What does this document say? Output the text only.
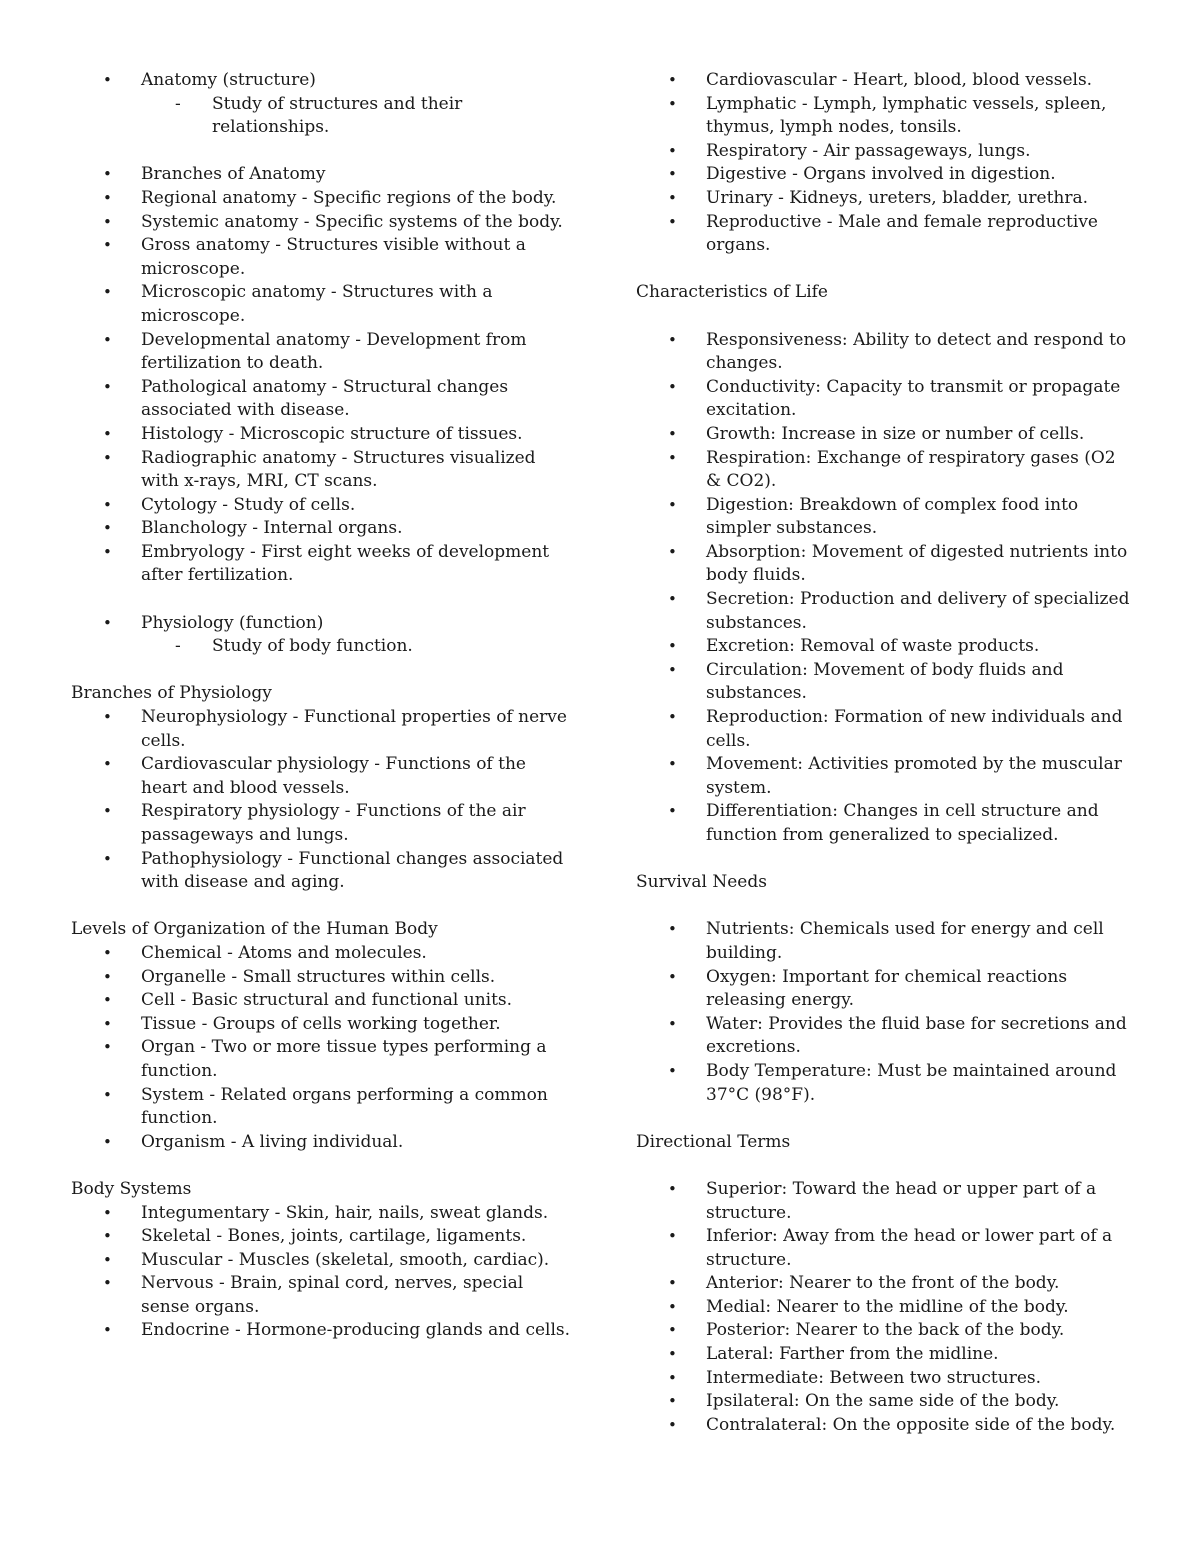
• Anatomy (structure)
- Study of structures and their relationships.
• Branches of Anatomy
• Regional anatomy - Specific regions of the body.
• Systemic anatomy - Specific systems of the body.
• Gross anatomy - Structures visible without a microscope.
• Microscopic anatomy - Structures with a microscope.
• Developmental anatomy - Development from fertilization to death.
• Pathological anatomy - Structural changes associated with disease.
• Histology - Microscopic structure of tissues.
• Radiographic anatomy - Structures visualized with x-rays, MRI, CT scans.
• Cytology - Study of cells.
• Blanchology - Internal organs.
• Embryology - First eight weeks of development after fertilization.
• Physiology (function)
- Study of body function.

Branches of Physiology

• Neurophysiology - Functional properties of nerve cells.
• Cardiovascular physiology - Functions of the heart and blood vessels.
• Respiratory physiology - Functions of the air passageways and lungs.
• Pathophysiology - Functional changes associated with disease and aging.

Levels of Organization of the Human Body

• Chemical - Atoms and molecules.
• Organelle - Small structures within cells.
• Cell - Basic structural and functional units.
• Tissue - Groups of cells working together.
• Organ - Two or more tissue types performing a function.
• System - Related organs performing a common function.
• Organism - A living individual.

Body Systems

• Integumentary - Skin, hair, nails, sweat glands.
• Skeletal - Bones, joints, cartilage, ligaments.
• Muscular - Muscles (skeletal, smooth, cardiac).
• Nervous - Brain, spinal cord, nerves, special sense organs.
• Endocrine - Hormone-producing glands and cells.
• Cardiovascular - Heart, blood, blood vessels.
• Lymphatic - Lymph, lymphatic vessels, spleen, thymus, lymph nodes, tonsils.
• Respiratory - Air passageways, lungs.
• Digestive - Organs involved in digestion.
• Urinary - Kidneys, ureters, bladder, urethra.
• Reproductive - Male and female reproductive organs.

Characteristics of Life

• Responsiveness: Ability to detect and respond to changes.
• Conductivity: Capacity to transmit or propagate excitation.
• Growth: Increase in size or number of cells.
• Respiration: Exchange of respiratory gases (O2 & CO2).
• Digestion: Breakdown of complex food into simpler substances.
• Absorption: Movement of digested nutrients into body fluids.
• Secretion: Production and delivery of specialized substances.
• Excretion: Removal of waste products.
• Circulation: Movement of body fluids and substances.
• Reproduction: Formation of new individuals and cells.
• Movement: Activities promoted by the muscular system.
• Differentiation: Changes in cell structure and function from generalized to specialized.

Survival Needs

• Nutrients: Chemicals used for energy and cell building.
• Oxygen: Important for chemical reactions releasing energy.
• Water: Provides the fluid base for secretions and excretions.
• Body Temperature: Must be maintained around 37°C (98°F).

Directional Terms

• Superior: Toward the head or upper part of a structure.
• Inferior: Away from the head or lower part of a structure.
• Anterior: Nearer to the front of the body.
• Medial: Nearer to the midline of the body.
• Posterior: Nearer to the back of the body.
• Lateral: Farther from the midline.
• Intermediate: Between two structures.
• Ipsilateral: On the same side of the body.
• Contralateral: On the opposite side of the body.
